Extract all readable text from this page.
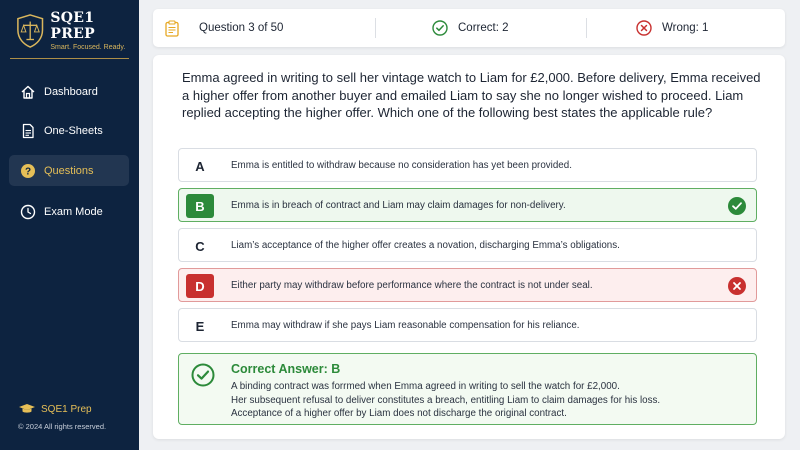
SQE1 PREP
Smart. Focused. Ready.
Dashboard
One-Sheets
? Questions
Exam Mode
SQE1 Prep
© 2024 All rights reserved.
Question 3 of 50	Correct: 2	Wrong: 1
Emma agreed in writing to sell her vintage watch to Liam for £2,000. Before delivery, Emma received a higher offer from another buyer and emailed Liam to say she no longer wished to proceed. Liam replied accepting the higher offer. Which one of the following best states the applicable rule?
A	Emma is entitled to withdraw because no consideration has yet been provided.
B	Emma is in breach of contract and Liam may claim damages for non-delivery.
C	Liam’s acceptance of the higher offer creates a novation, discharging Emma’s obligations.
D	Either party may withdraw before performance where the contract is not under seal.
E	Emma may withdraw if she pays Liam reasonable compensation for his reliance.
Correct Answer: B
A binding contract was forrmed when Emma agreed in writing to sell the watch for £2,000.
Her subsequent refusal to deliver constitutes a breach, entitling Liam to claim damages for his loss.
Acceptance of a higher offer by Liam does not discharge the original contract.
